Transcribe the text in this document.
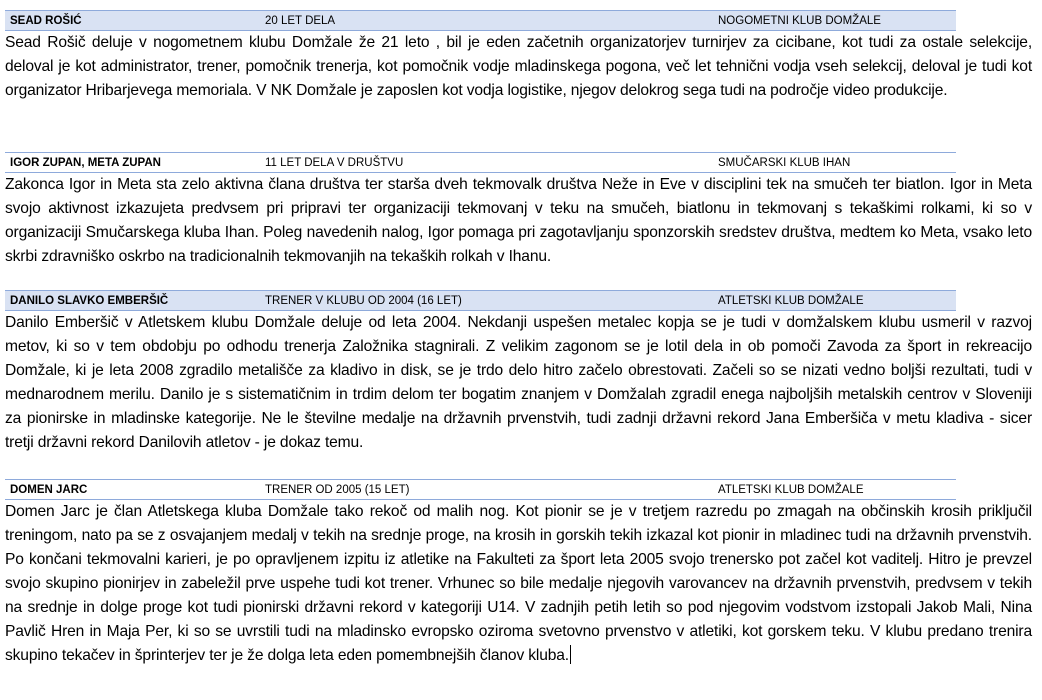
SEAD ROŠIĆ	20 LET DELA	NOGOMETNI KLUB DOMŽALE

Sead Rošič deluje v nogometnem klubu Domžale že 21 leto , bil je eden začetnih organizatorjev turnirjev za cicibane, kot tudi za ostale selekcije, deloval je kot administrator, trener, pomočnik trenerja, kot pomočnik vodje mladinskega pogona, več let tehnični vodja vseh selekcij, deloval je tudi kot organizator Hribarjevega memoriala. V NK Domžale je zaposlen kot vodja logistike, njegov delokrog sega tudi na področje video produkcije.

IGOR ZUPAN, META ZUPAN	11 LET DELA V DRUŠTVU	SMUČARSKI KLUB IHAN

Zakonca Igor in Meta sta zelo aktivna člana društva ter starša dveh tekmovalk društva Neže in Eve v disciplini tek na smučeh ter biatlon. Igor in Meta svojo aktivnost izkazujeta predvsem pri pripravi ter organizaciji tekmovanj v teku na smučeh, biatlonu in tekmovanj s tekaškimi rolkami, ki so v organizaciji Smučarskega kluba Ihan. Poleg navedenih nalog, Igor pomaga pri zagotavljanju sponzorskih sredstev društva, medtem ko Meta, vsako leto skrbi zdravniško oskrbo na tradicionalnih tekmovanjih na tekaških rolkah v Ihanu.

DANILO SLAVKO EMBERŠIČ	TRENER V KLUBU OD 2004 (16 LET)	ATLETSKI KLUB DOMŽALE

Danilo Emberšič v Atletskem klubu Domžale deluje od leta 2004. Nekdanji uspešen metalec kopja se je tudi v domžalskem klubu usmeril v razvoj metov, ki so v tem obdobju po odhodu trenerja Založnika stagnirali. Z velikim zagonom se je lotil dela in ob pomoči Zavoda za šport in rekreacijo Domžale, ki je leta 2008 zgradilo metališče za kladivo in disk, se je trdo delo hitro začelo obrestovati. Začeli so se nizati vedno boljši rezultati, tudi v mednarodnem merilu. Danilo je s sistematičnim in trdim delom ter bogatim znanjem v Domžalah zgradil enega najboljših metalskih centrov v Sloveniji za pionirske in mladinske kategorije. Ne le številne medalje na državnih prvenstvih, tudi zadnji državni rekord Jana Emberšiča v metu kladiva - sicer tretji državni rekord Danilovih atletov - je dokaz temu.

DOMEN JARC	TRENER OD 2005 (15 LET)	ATLETSKI KLUB DOMŽALE

Domen Jarc je član Atletskega kluba Domžale tako rekoč od malih nog. Kot pionir se je v tretjem razredu po zmagah na občinskih krosih priključil treningom, nato pa se z osvajanjem medalj v tekih na srednje proge, na krosih in gorskih tekih izkazal kot pionir in mladinec tudi na državnih prvenstvih. Po končani tekmovalni karieri, je po opravljenem izpitu iz atletike na Fakulteti za šport leta 2005 svojo trenersko pot začel kot vaditelj. Hitro je prevzel svojo skupino pionirjev in zabeležil prve uspehe tudi kot trener. Vrhunec so bile medalje njegovih varovancev na državnih prvenstvih, predvsem v tekih na srednje in dolge proge kot tudi pionirski državni rekord v kategoriji U14. V zadnjih petih letih so pod njegovim vodstvom izstopali Jakob Mali, Nina Pavlič Hren in Maja Per, ki so se uvrstili tudi na mladinsko evropsko oziroma svetovno prvenstvo v atletiki, kot gorskem teku. V klubu predano trenira skupino tekačev in šprinterjev ter je že dolga leta eden pomembnejših članov kluba.
